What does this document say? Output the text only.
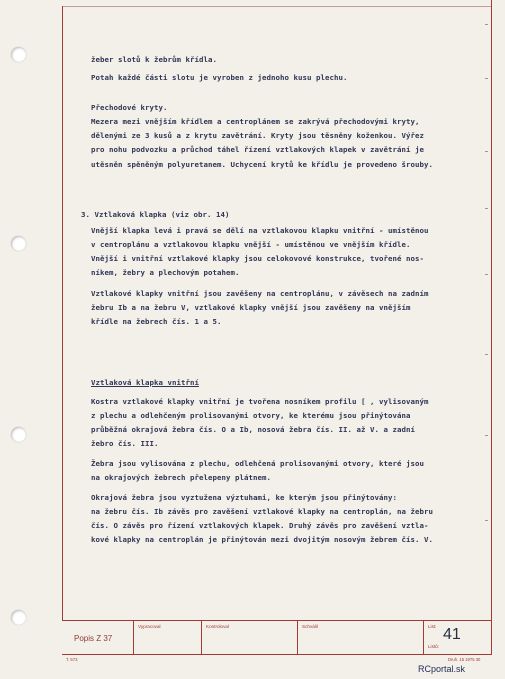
žeber slotů k žebrům křídla.
Potah každé části slotu je vyroben z jednoho kusu plechu.
Přechodové kryty.
Mezera mezi vnějším křídlem a centroplánem se zakrývá přechodovými kryty,
dělenými ze 3 kusů a z krytu zavětrání. Kryty jsou těsněny koženkou. Výřez
pro nohu podvozku a průchod táhel řízení vztlakových klapek v zavětrání je
utěsněn spěněným polyuretanem. Uchycení krytů ke křídlu je provedeno šrouby.
3. Vztlaková klapka (viz obr. 14)
Vnější klapka levá i pravá se dělí na vztlakovou klapku vnitřní - umístěnou
v centroplánu a vztlakovou klapku vnější - umístěnou ve vnějším křídle.
Vnější i vnitřní vztlakové klapky jsou celokovové konstrukce, tvořené nos-
níkem, žebry a plechovým potahem.
Vztlakové klapky vnitřní jsou zavěšeny na centroplánu, v závěsech na zadním
žebru Ib a na žebru V, vztlakové klapky vnější jsou zavěšeny na vnějším
křídle na žebrech čís. 1 a 5.
Vztlaková klapka vnitřní
Kostra vztlakové klapky vnitřní je tvořena nosníkem profilu [ , vylisovaným
z plechu a odlehčeným prolisovanými otvory, ke kterému jsou přinýtována
průběžná okrajová žebra čís. O a Ib, nosová žebra čís. II. až V. a zadní
žebro čís. III.
Žebra jsou vylisována z plechu, odlehčená prolisovanými otvory, které jsou
na okrajových žebrech přelepeny plátnem.
Okrajová žebra jsou vyztužena výztuhami, ke kterým jsou přinýtovány:
na žebru čís. Ib závěs pro zavěšení vztlakové klapky na centroplán, na žebru
čís. O závěs pro řízení vztlakových klapek. Druhý závěs pro zavěšení vztla-
kové klapky na centroplán je přinýtován mezi dvojitým nosovým žebrem čís. V.
Popis Z 37
Vypracoval	Kontroloval	Schválil	List:
Listů:
41
Druh. 15 1975 30
T. 573
RCportal.sk
